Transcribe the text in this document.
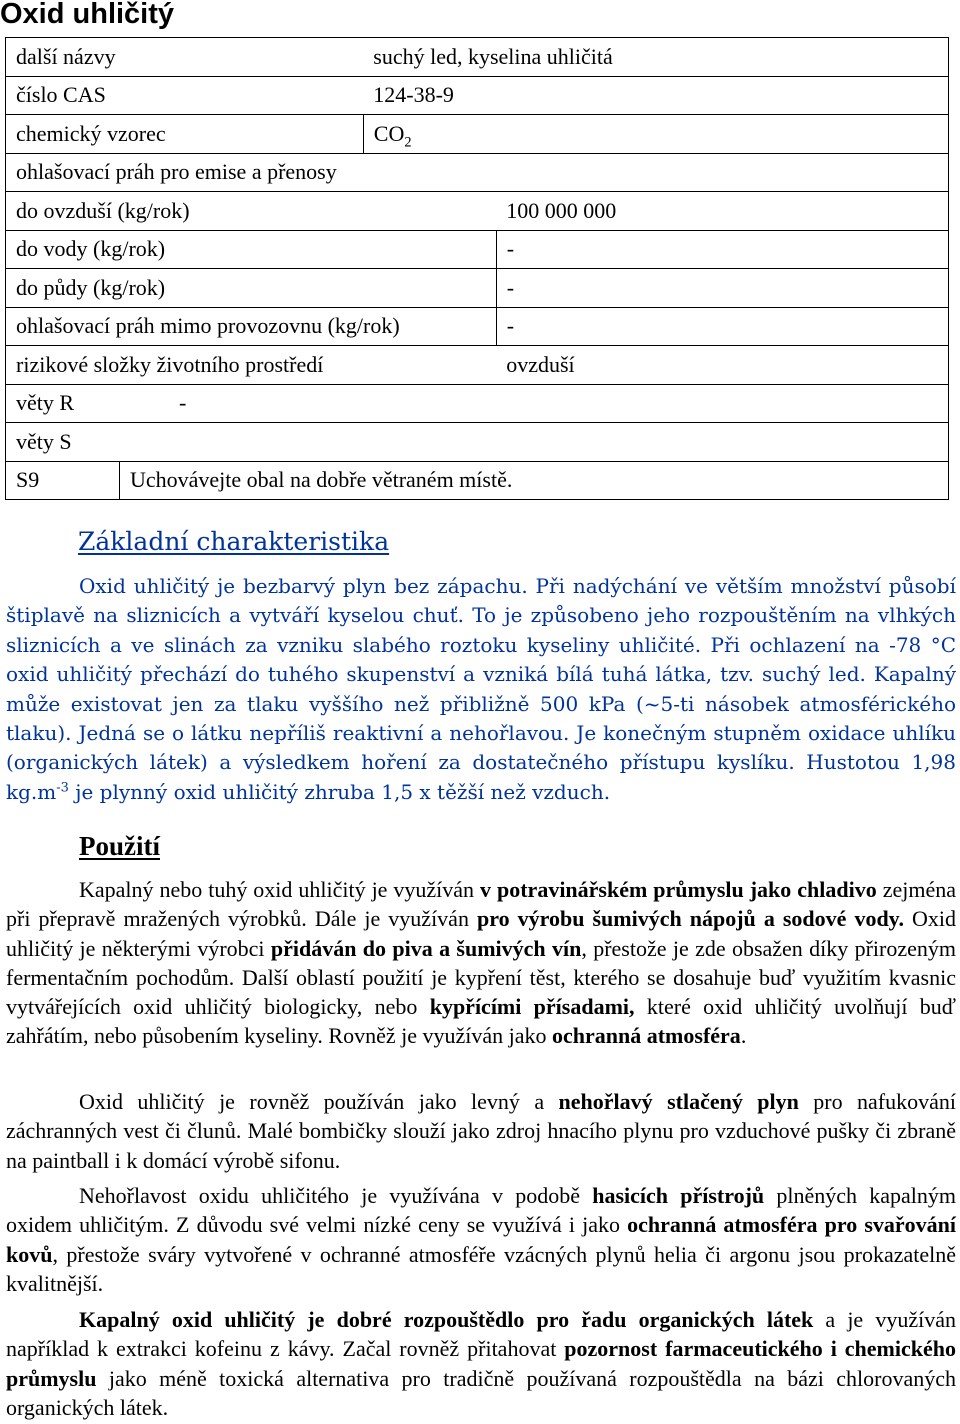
Oxid uhličitý
další názvy		suchý led, kyselina uhličitá	
číslo CAS		124-38-9	
chemický vzorec		$CO_2$
ohlašovací práh pro emise a přenosy			
do ovzduší (kg/rok)			100 000 000
do vody (kg/rok)			-
do půdy (kg/rok)			-
ohlašovací práh mimo provozovnu (kg/rok)			-
rizikové složky životního prostředí			ovzduší
věty R -			
věty S			
S9	Uchovávejte obal na dobře větraném místě.		
Základní charakteristika

Oxid uhličitý je bezbarvý plyn bez zápachu. Při nadýchání ve větším množství působí štiplavě na sliznicích a vytváří kyselou chuť. To je způsobeno jeho rozpouštěním na vlhkých sliznicích a ve slinách za vzniku slabého roztoku kyseliny uhličité. Při ochlazení na -78 °C oxid uhličitý přechází do tuhého skupenství a vzniká bílá tuhá látka, tzv. suchý led. Kapalný může existovat jen za tlaku vyššího než přibližně 500 kPa (~5-ti násobek atmosférického tlaku). Jedná se o látku nepříliš reaktivní a nehořlavou. Je konečným stupněm oxidace uhlíku (organických látek) a výsledkem hoření za dostatečného přístupu kyslíku. Hustotou 1,98 $kg.m^{-3}$ je plynný oxid uhličitý zhruba 1,5 x těžší než vzduch.

Použití

Kapalný nebo tuhý oxid uhličitý je využíván v potravinářském průmyslu jako chladivo zejména při přepravě mražených výrobků. Dále je využíván pro výrobu šumivých nápojů a sodové vody. Oxid uhličitý je některými výrobci přidáván do piva a šumivých vín, přestože je zde obsažen díky přirozeným fermentačním pochodům. Další oblastí použití je kypření těst, kterého se dosahuje buď využitím kvasnic vytvářejících oxid uhličitý biologicky, nebo kypřícími přísadami, které oxid uhličitý uvolňují buď zahřátím, nebo působením kyseliny. Rovněž je využíván jako ochranná atmosféra.

Oxid uhličitý je rovněž používán jako levný a nehořlavý stlačený plyn pro nafukování záchranných vest či člunů. Malé bombičky slouží jako zdroj hnacího plynu pro vzduchové pušky či zbraně na paintball i k domácí výrobě sifonu.

Nehořlavost oxidu uhličitého je využívána v podobě hasicích přístrojů plněných kapalným oxidem uhličitým. Z důvodu své velmi nízké ceny se využívá i jako ochranná atmosféra pro svařování kovů, přestože sváry vytvořené v ochranné atmosféře vzácných plynů helia či argonu jsou prokazatelně kvalitnější.

Kapalný oxid uhličitý je dobré rozpouštědlo pro řadu organických látek a je využíván například k extrakci kofeinu z kávy. Začal rovněž přitahovat pozornost farmaceutického i chemického průmyslu jako méně toxická alternativa pro tradičně používaná rozpouštědla na bázi chlorovaných organických látek.
